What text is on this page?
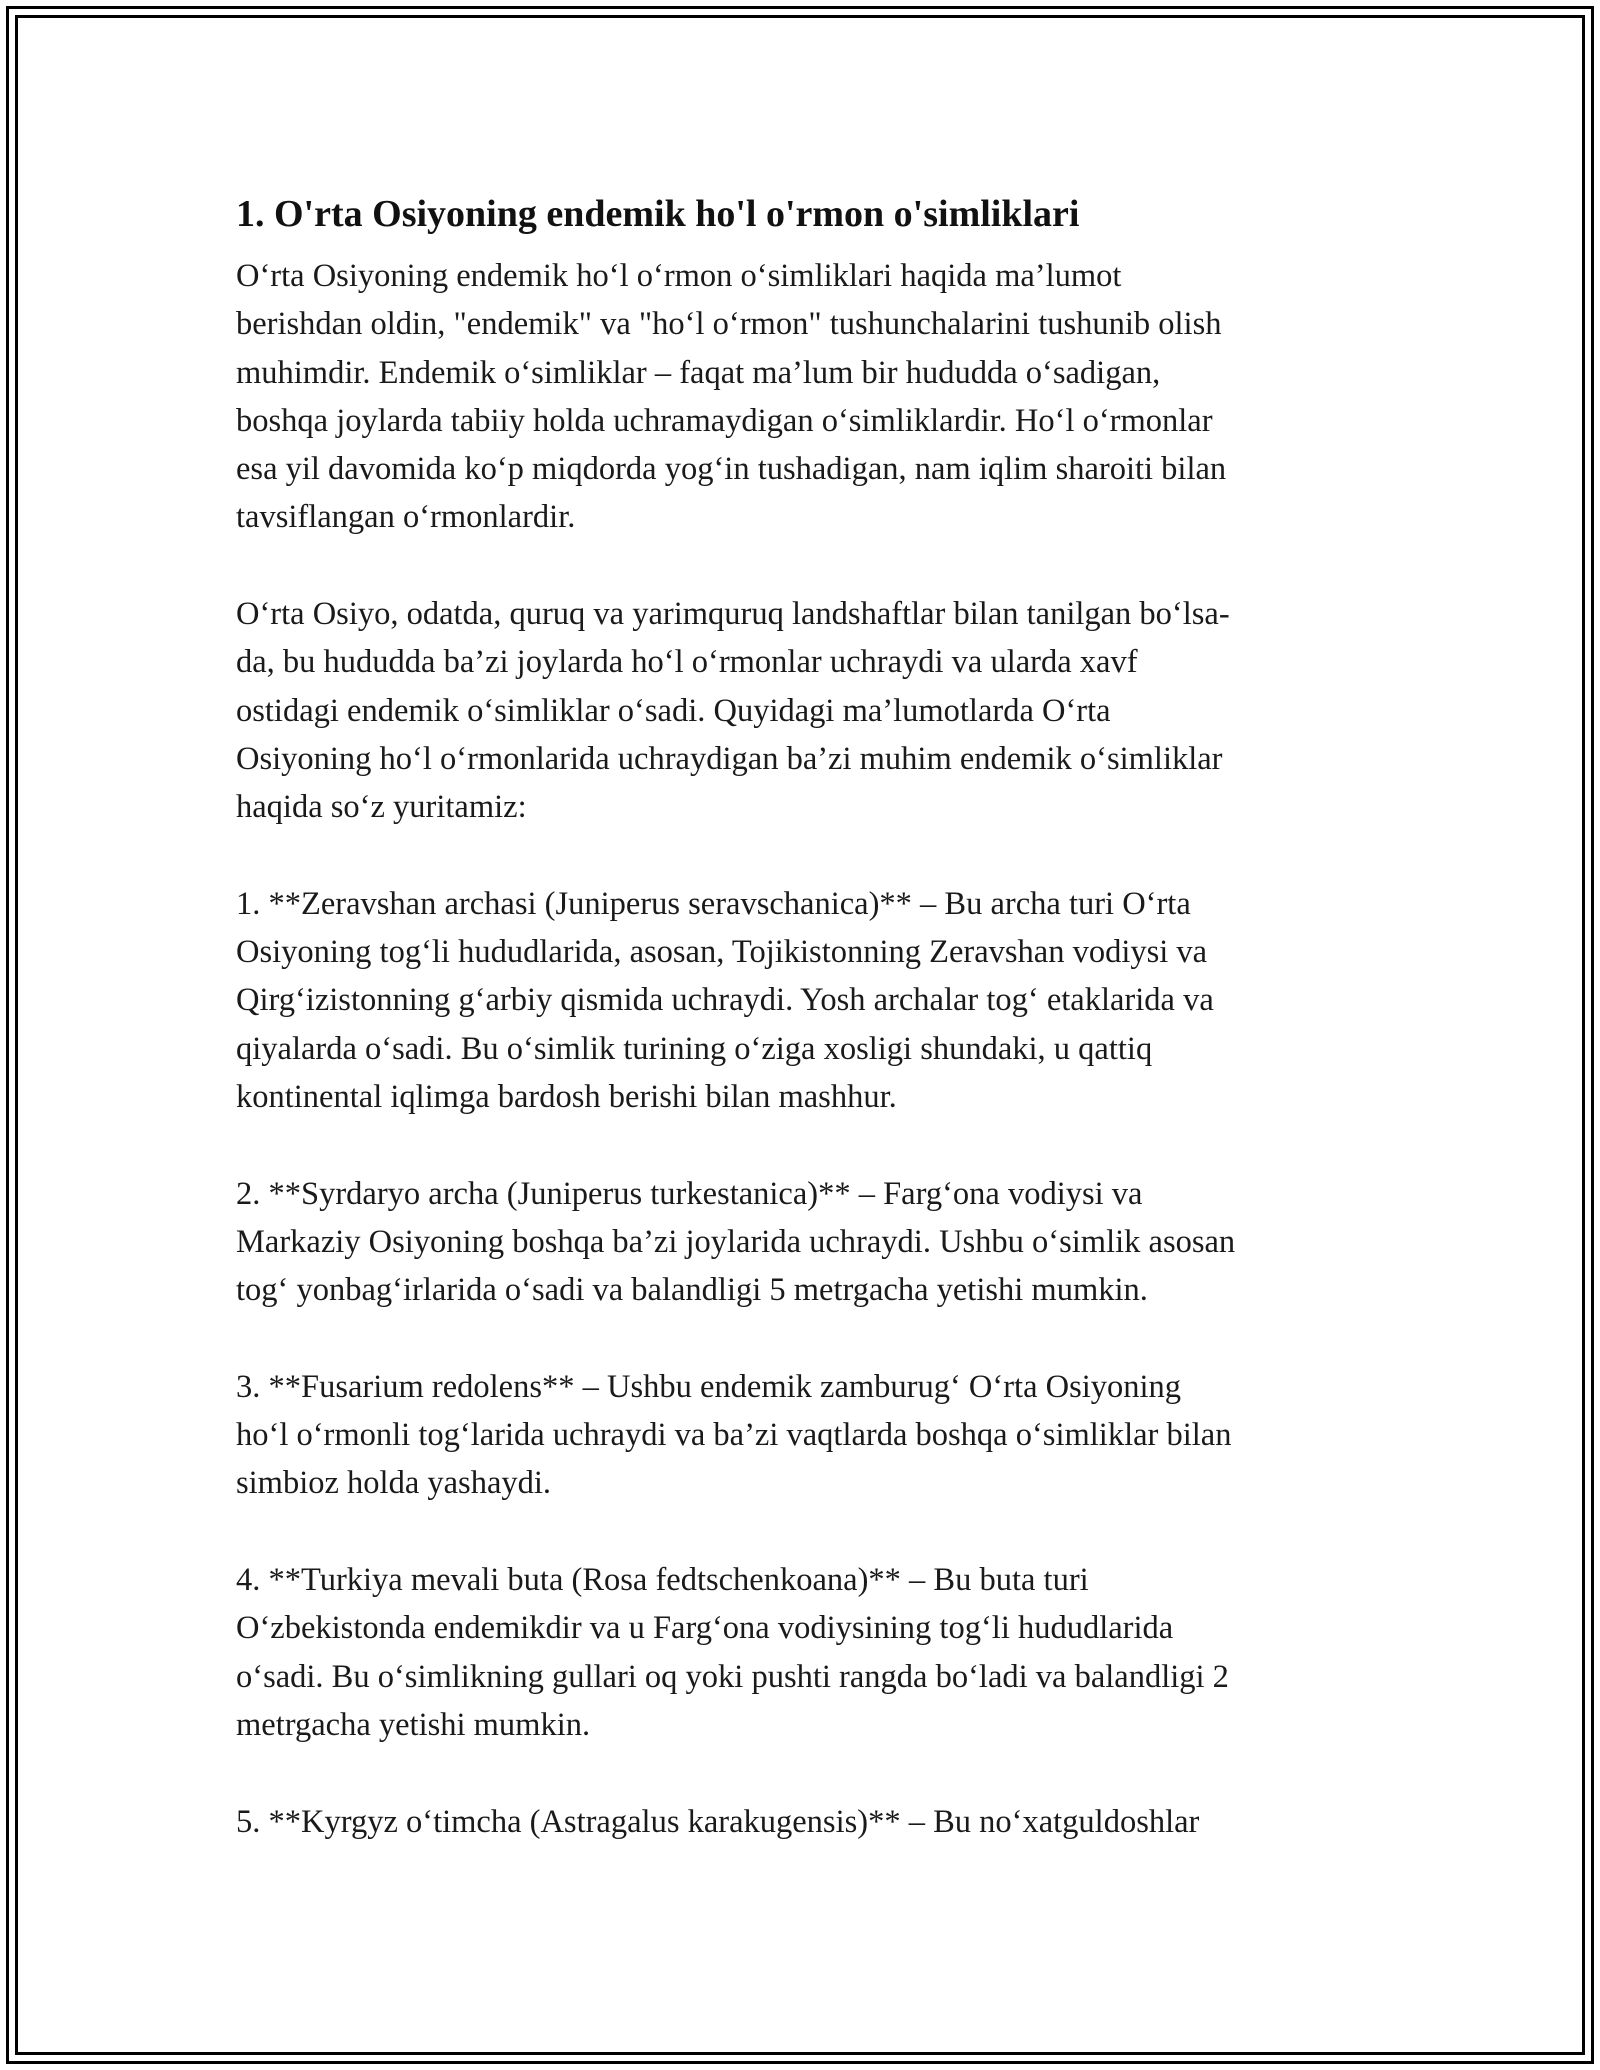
1. O'rta Osiyoning endemik ho'l o'rmon o'simliklari

O‘rta Osiyoning endemik ho‘l o‘rmon o‘simliklari haqida ma’lumot
berishdan oldin, "endemik" va "ho‘l o‘rmon" tushunchalarini tushunib olish
muhimdir. Endemik o‘simliklar – faqat ma’lum bir hududda o‘sadigan,
boshqa joylarda tabiiy holda uchramaydigan o‘simliklardir. Ho‘l o‘rmonlar
esa yil davomida ko‘p miqdorda yog‘in tushadigan, nam iqlim sharoiti bilan
tavsiflangan o‘rmonlardir.

O‘rta Osiyo, odatda, quruq va yarimquruq landshaftlar bilan tanilgan bo‘lsa-
da, bu hududda ba’zi joylarda ho‘l o‘rmonlar uchraydi va ularda xavf
ostidagi endemik o‘simliklar o‘sadi. Quyidagi ma’lumotlarda O‘rta
Osiyoning ho‘l o‘rmonlarida uchraydigan ba’zi muhim endemik o‘simliklar
haqida so‘z yuritamiz:

1. **Zeravshan archasi (Juniperus seravschanica)** – Bu archa turi O‘rta
Osiyoning tog‘li hududlarida, asosan, Tojikistonning Zeravshan vodiysi va
Qirg‘izistonning g‘arbiy qismida uchraydi. Yosh archalar tog‘ etaklarida va
qiyalarda o‘sadi. Bu o‘simlik turining o‘ziga xosligi shundaki, u qattiq
kontinental iqlimga bardosh berishi bilan mashhur.

2. **Syrdaryo archa (Juniperus turkestanica)** – Farg‘ona vodiysi va
Markaziy Osiyoning boshqa ba’zi joylarida uchraydi. Ushbu o‘simlik asosan
tog‘ yonbag‘irlarida o‘sadi va balandligi 5 metrgacha yetishi mumkin.

3. **Fusarium redolens** – Ushbu endemik zamburug‘ O‘rta Osiyoning
ho‘l o‘rmonli tog‘larida uchraydi va ba’zi vaqtlarda boshqa o‘simliklar bilan
simbioz holda yashaydi.

4. **Turkiya mevali buta (Rosa fedtschenkoana)** – Bu buta turi
O‘zbekistonda endemikdir va u Farg‘ona vodiysining tog‘li hududlarida
o‘sadi. Bu o‘simlikning gullari oq yoki pushti rangda bo‘ladi va balandligi 2
metrgacha yetishi mumkin.

5. **Kyrgyz o‘timcha (Astragalus karakugensis)** – Bu no‘xatguldoshlar
